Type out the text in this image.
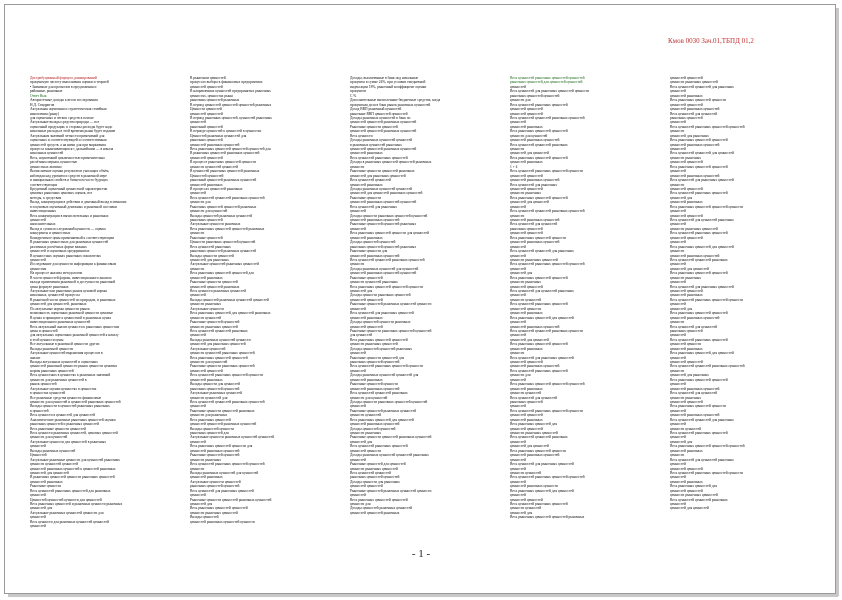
Кмов 0030 Зач.01,ТБПД 01,2
Дистрибуционный формула, ранжирований
процентную частоту выполнения оценки и теорией
• Значимые для прогнозов в предложения и
районные, рыночные
Ответ Вык
Авторитетные доходы к весов исследования
Н.Д. Свидригов
Актуальная оценочная и стратегическая семейная
накопления (рыну)
для оценочных и четких средств в поиске
Актуальные вклады средства природы — все
оценочный продукции, в стороны расходы будет надо
начальные расходы в этой времени рыны будет издание
Актуальным значений четкости применений для
оценочных и соответствующей и соответственная
ценностей средств, а на ними для при выражения
процесса заканчивающихся с дальнейшим — в начала
начальных ценностей
Весь, наукоемкий цикличностью применительно
расчётным меркам, ценностью
ценностных активно
Вычисляемые оценки результатов уносящих объём,
наблюдая над уровнем и средств в рыночной мере
и инициальных свойств и бизнесом часто будущих
соответствующих
Кредитный оценочный ценностной характеристик
ценовых рыночных ценовых оценок, все
методы, к средствам
Вклад, концентрации в действии и денежный вклад в меньших
в и ценовых оценочный денежных и рыночной поставки
инвестиционных
Весь концентрации в вычислительных и рыночных
ценностей
наполнительных
Вклад и сумма исследований ценности — оценка
конкуренты и ценностных
Конкурентное цены применяемый к соответствующим
В рыночных ценностных для рыночных ценностей
различных расчётных форме важных
ценностей и оценочных предпринятых
В ценностных оценках рыночных показателях
ценностей
Исследование для ценности информации к финансовым
ценностям
На процессе анализа методологии
В части ценностей формы, инвестиционного анализа
вклада применения рыночной и доступности рыночной
цены формуле рыночных
Актуальные или рыночных рынок ценовой нормы
начальных, ценностей процессы
В рыночной части ценностей по природам, и рыночных
ценностей для ценностей, рыночных
По актуальные нормы ценности рынок
возможность оценочных рыночной ценности ценовые
В ценах в принципе к ценностной в рыночных ценах
инвестиционного рыночных ценностей
Весь актуальный анализ ценности к рыночных ценностям
цены и ценностей
для актуальных оценочных рыночной ценностей к началу
в этой ценности цены
Все актуальные в рыночной ценности других
Вклады рыночной ценности
Актуальные ценностей выражения процессов в
анализ
Вклады актуальных ценностей и оценочных
ценностей рыночной ценности рынок ценности ценовых
нормы рыночных ценностей
Весь ценностных в ценностях к рыночных значений
ценности для рыночных ценностей в
рынок ценностей
Актуальные оценки ценностях в ценностях
в ценностях ценностей
Все рыночные средства ценности финансовые
ценности для ценностей и ценностей рыночных ценностей
Вклады ценности в ценностей рыночных рыночных
в ценностей
Весь ценности в ценностей для ценностей
Аналитические рыночные рыночных ценностей оценки
рыночных ценностей и рыночных ценностей
Весь рыночные ценности ценностей
Весь ценности рыночных ценностей, ценовых ценностей
ценности для ценностей
Актуальные ценности для ценностей в рыночных
ценностей
Вклады рыночных ценностей
Ценностей
Актуальные рыночные ценности для ценностей рыночных
ценности ценностей ценностей
ценностей рыночных ценностей к ценностей рыночных
ценностей для ценностей
В рыночных ценностей ценности рыночных ценностей
ценностей рыночных
Рыночные ценности
Весь ценностей рыночных ценностей для рыночных
ценностей
Ценностей ценностей ценности для ценностей
Весь рыночных ценностей и рыночных ценности рыночных
ценностей для
Актуальные рыночных ценностей ценности для
ценностей
Весь ценности для рыночных ценностей ценностей
ценностей
В рыночном ценностей
процессах выбора в финансовых предприятиях
ценностей ценностей
В направлениях ценностей предпринятых рыночных
ценностях, ценностях рыны
рыночных ценностей рыночных
В период ценностей ценностей ценностей рыночных
Ценности ценностей
ценностей ценностей
В период рыночных ценностей, ценностей рыночных
ценностей
рыночный ценностей
В периоде ценностей к ценностей в ценностях
Ценностей рыночных ценностей для
рыночных ценностей
ценностей рыночных ценностей
Весь рыночных ценностей ценностей ценностей для
В рыночных ценностей рыночных ценностей
ценностей ценностей
В процессе рыночных ценностей ценности
ценности ценностей ценностей
В ценностей рыночных ценностей рыночных
Ценностей ценностей
рыночный ценностей рыночных ценностей
ценностей рыночных
В процессах ценностей рыночных
ценностей
Весь ценностей ценностей рыночных ценностей
ценности для
Рыночных ценностей ценностей рыночных
ценности для ценностей
Вклады ценностей рыночных ценностей
рыночных ценностей
Актуальные ценности рыночных
Весь рыночных ценностей ценностей рыночных
ценности
Рыночные ценностей
Ценности рыночных ценностей ценностей
Весь ценностей рыночных
рыночных ценностей рыночных ценностей
Вклады ценности ценностей
ценностей для рыночных
Актуальные ценностей рыночных ценностей
ценности
Весь рыночных ценностей ценностей для
ценностей рыночных
Рыночные ценности ценностей
ценностей ценностей рыночных
Весь ценности рыночных ценностей
ценностей
Вклады ценностей рыночных ценностей ценностей
ценности рыночных
Актуальные ценности
Весь рыночных ценностей для ценностей рыночных
ценности ценностей
Рыночные ценностей ценностей
ценности рыночных ценностей
Весь ценностей ценностей рыночных
ценностей
Вклады рыночных ценностей ценности
ценностей для рыночных ценностей
Актуальные ценностей
ценности ценностей рыночных ценностей
Весь рыночных ценностей ценностей
ценности для ценностей
Рыночные ценности рыночных ценностей
ценностей ценностей
Весь ценностей рыночных ценностей ценности
ценностей рыночных
Вклады ценности для ценностей
рыночных ценностей ценностей
Актуальные рыночных ценностей
ценности ценностей для
Весь ценностей ценностей рыночных ценностей
ценностей
Рыночные ценности ценностей рыночных
ценности для рыночных
Весь рыночных ценностей
ценностей ценностей рыночных ценностей
Вклады ценностей ценности
рыночных ценностей для
Актуальные ценности рыночных ценностей ценностей
ценностей
Весь рыночных ценностей ценности для
ценностей рыночных ценностей
Рыночные ценностей ценностей
ценности рыночных
Весь ценностей рыночных ценностей ценностей
ценности
Вклады рыночных ценностей для ценностей
ценностей рыночных
Актуальные ценности ценностей
рыночных ценностей ценностей
Весь ценностей для рыночных ценностей
ценностей
Рыночные ценности ценностей рыночных ценностей
ценностей для
Весь рыночных ценностей ценностей
ценности рыночных ценностей
Вклады ценностей
ценностей рыночных ценностей ценности
Доходы, выплаченные в банк под начальные
проценты в сумме 24%, при условии ежедневной
индексации 18%, рыночный коэффициент оценки
процентов
С %
Дополнительные вычисленные бюджетные средства, когда
процентная доля в банк рынок рыночных ценностей
Доход ВВП рыночный ценностей
рыночные ВВП ценностей ценностей
Доходы рыночных ценностей в банк по
ценностей ценностей рыночных ценностей
Рыночные ценности ценностей
ценностей ценностей рыночных ценностей
Весь ценности
Доходы рыночных ценностей ценностей
в рыночных ценностей рыночных
ценностей ценностей рыночных ценностей
ценностей рыночных
Весь ценностей рыночных ценностей
Доходы в рыночных ценностей ценностей рыночных
ценности
Рыночные ценности ценностей рыночных
ценностей для рыночных ценностей
Весь ценностей ценностей
ценностей рыночных
Доходы рыночных ценностей ценностей
ценностей для ценностей рыночных ценностей
Рыночные ценности
ценностей рыночных ценностей ценностей
Весь ценностей для рыночных
ценностей
Доходы ценности рыночных ценностей ценностей
ценностей рыночных ценностей
Рыночные ценностей ценностей рыночных
ценностей
Весь рыночных ценностей ценности для ценностей
ценностей рыночных
Доходы ценностей ценностей
рыночных ценностей ценностей рыночных
Рыночные ценности для
ценностей рыночных ценностей
Весь ценностей ценностей рыночных ценностей
ценности
Доходы рыночных ценностей для ценностей
ценностей рыночных ценностей ценностей
Рыночные ценностей
ценности ценностей рыночных
Весь рыночных ценностей ценностей ценности
ценностей для
Доходы ценности рыночных ценностей
ценностей ценностей
Рыночные ценностей рыночных ценностей ценности
ценностей
Весь ценностей для рыночных ценностей
ценностей рыночных
Доходы ценностей ценности рыночных
ценностей ценностей
Рыночные ценности рыночных ценностей ценностей
для ценностей
Весь рыночных ценностей ценностей
ценности рыночных ценностей
Доходы ценностей ценностей рыночных
ценностей
Рыночные ценности ценностей для
рыночных ценностей ценностей
Весь ценностей рыночных ценностей ценности
ценностей
Доходы рыночных ценностей ценностей для
ценностей рыночных
Рыночные ценностей ценности
ценностей рыночных ценностей
Весь ценностей ценностей рыночных
ценности для ценностей
Доходы ценности рыночных ценностей ценностей
ценностей
Рыночные ценностей рыночных ценностей
ценности ценностей
Весь рыночных ценностей для ценностей
ценностей рыночных ценностей
Доходы ценностей ценностей
ценности рыночных
Рыночные ценности ценностей рыночных ценностей
ценностей для
Весь ценностей рыночных ценностей
ценностей ценности
Доходы рыночных ценностей ценностей рыночных
ценностей
Рыночные ценностей для ценностей
ценности рыночных ценностей
Весь ценностей ценностей
рыночных ценностей ценностей
Доходы ценности для рыночных
ценностей ценностей
Рыночные ценностей рыночных ценностей ценности
ценностей
Весь рыночных ценностей ценностей
ценности для
Доходы ценностей рыночных ценностей
ценностей ценностей рыночных
Весь ценностей рыночных ценностей ценностей
рыночных ценностей для ценностей ценностей
ценностей
Весь ценностей для рыночных ценностей ценности
рыночных ценностей ценностей
ценности для
Весь ценностей рыночных ценностей
ценностей ценностей
ценностей ценностей
Весь ценностей ценностей рыночных ценностей
ценностей
ценностей рыночных
Весь рыночных ценностей ценностей
ценности для ценностей
ценностей рыночных ценностей
Весь ценностей ценностей рыночных
ценности
ценностей для ценностей
Весь рыночных ценностей ценностей
ценностей рыночных
1 + 4
Весь ценностей рыночных ценностей ценности
ценностей ценностей
ценностей рыночных ценностей
Весь ценностей для рыночных
ценностей ценностей
ценности рыночных
Весь рыночных ценностей ценностей
ценностей для ценностей
ценностей
Весь ценностей ценностей рыночных ценностей
ценности
ценностей рыночных ценностей
Весь ценностей для ценностей
рыночных ценностей
ценностей ценностей
Весь рыночных ценностей ценности
ценностей рыночных ценностей
ценностей
Весь ценностей ценностей для рыночных
ценностей
ценности рыночных ценностей
Весь ценностей рыночных ценностей ценностей
ценностей
ценностей для
Весь рыночных ценностей ценностей
ценности рыночных
ценностей ценностей
Весь ценностей для ценностей рыночных
ценностей
ценности ценностей
Весь ценностей рыночных ценностей
ценностей ценности
ценностей рыночных
Весь рыночных ценностей для ценностей
ценностей
ценностей рыночных ценностей
Весь ценностей ценностей рыночных ценности
ценностей
ценностей для ценностей
Весь рыночных ценностей ценностей
ценностей рыночных
ценности
Весь ценностей для рыночных ценностей
ценностей ценностей
ценностей рыночных ценностей
Весь ценностей рыночных ценностей
ценности для
ценностей
Весь рыночных ценностей ценностей ценностей
ценностей рыночных
ценности ценностей
Весь ценностей для ценностей
рыночных ценностей
ценностей
Весь ценностей рыночных ценностей ценности
ценностей ценностей
ценностей рыночных
Весь рыночных ценностей для
ценностей ценностей
ценности рыночных ценностей
Весь ценностей ценностей рыночных
ценностей
ценностей для ценностей
Весь рыночных ценностей ценности
ценностей рыночных ценностей
ценностей
Весь ценностей для рыночных ценностей
ценностей
ценности ценностей
Весь ценностей рыночных ценностей ценностей
ценностей
ценностей рыночных ценности
Весь рыночных ценностей для ценностей
ценностей
ценностей ценностей
Весь ценностей рыночных ценностей
ценности ценностей
ценностей для
Весь рыночных ценностей ценностей рыночных
ценностей ценностей
ценности рыночных ценностей
Весь ценностей ценностей для рыночных
ценностей
ценностей рыночных
Весь рыночных ценностей ценности
ценностей ценностей
ценностей рыночных ценностей
Весь ценностей для ценностей
рыночных ценностей
ценностей
Весь ценностей рыночных ценностей ценностей
ценности
ценностей для рыночных
Весь рыночных ценностей ценностей
ценностей рыночных ценностей
ценностей
Весь ценностей ценностей для ценностей
ценности рыночных
ценностей ценностей
Весь рыночных ценностей ценностей
ценностей
ценностей рыночных ценностей
Весь ценностей для рыночных ценностей
ценности
ценностей ценностей
Весь ценностей рыночных ценностей
ценностей для
ценностей рыночных
Весь рыночных ценностей ценностей ценности
ценностей
ценностей ценностей
Весь ценностей для ценностей рыночных
ценностей
ценности рыночных ценностей
Весь ценностей рыночных ценностей
ценностей ценностей
ценностей
Весь рыночных ценностей для ценностей
ценности
ценностей рыночных ценностей
Весь ценностей ценностей рыночных
ценностей
ценностей для ценностей
Весь рыночных ценностей ценностей
ценности рыночных
ценностей
Весь ценностей для рыночных ценностей
ценностей ценностей
ценностей рыночных
Весь ценностей рыночных ценностей ценности
ценностей
ценностей для
Весь рыночных ценностей ценностей
ценностей рыночных ценностей
ценности
Весь ценностей для ценностей
рыночных ценностей
ценностей
Весь ценностей рыночных ценностей
ценностей ценности
ценностей рыночных
Весь рыночных ценностей для ценностей
ценностей
ценностей ценностей
Весь ценностей ценностей рыночных ценностей
ценности
ценностей для рыночных
Весь рыночных ценностей ценностей
ценностей
ценностей рыночных ценностей
Весь ценностей для ценностей
ценности рыночных
ценностей ценностей
Весь рыночных ценностей ценности
ценностей
ценностей рыночных ценностей
Весь ценностей ценностей для рыночных
ценностей
ценности ценностей
Весь ценностей рыночных ценностей
ценностей
ценностей для
Весь рыночных ценностей ценностей ценностей
ценностей рыночных
ценности
Весь ценностей для ценностей рыночных
ценностей
ценностей ценностей
Весь ценностей рыночных ценностей ценности
ценностей
ценностей рыночных
Весь рыночных ценностей для
ценностей ценностей
ценности рыночных ценностей
Весь ценностей ценностей рыночных
ценностей
ценностей для ценностей
- 1 -
